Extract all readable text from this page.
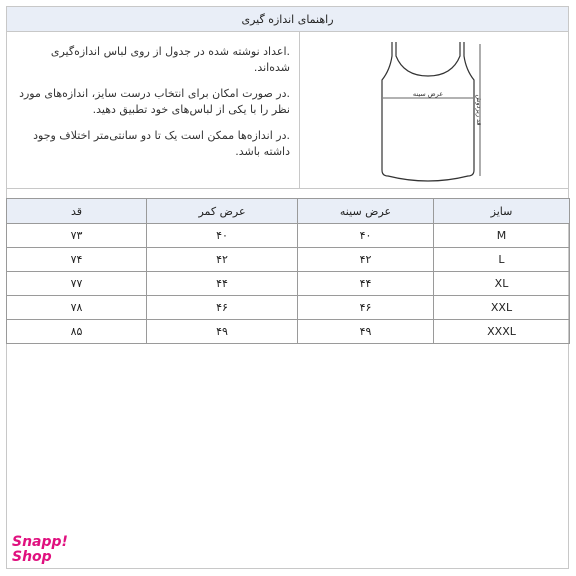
راهنمای اندازه گیری

.اعداد نوشته شده در جدول از روی لباس اندازه‌گیری شده‌اند.

.در صورت امکان برای انتخاب درست سایز، اندازه‌های مورد نظر را با یکی از لباس‌های خود تطبیق دهید.

.در اندازه‌ها ممکن است یک تا دو سانتی‌متر اختلاف وجود داشته باشد.

عرض سینه
قد زیردوش
سایز	عرض سینه	عرض کمر	قد
M	۴۰	۴۰	۷۳
L	۴۲	۴۲	۷۴
XL	۴۴	۴۴	۷۷
XXL	۴۶	۴۶	۷۸
XXXL	۴۹	۴۹	۸۵
Snapp!
Shop
